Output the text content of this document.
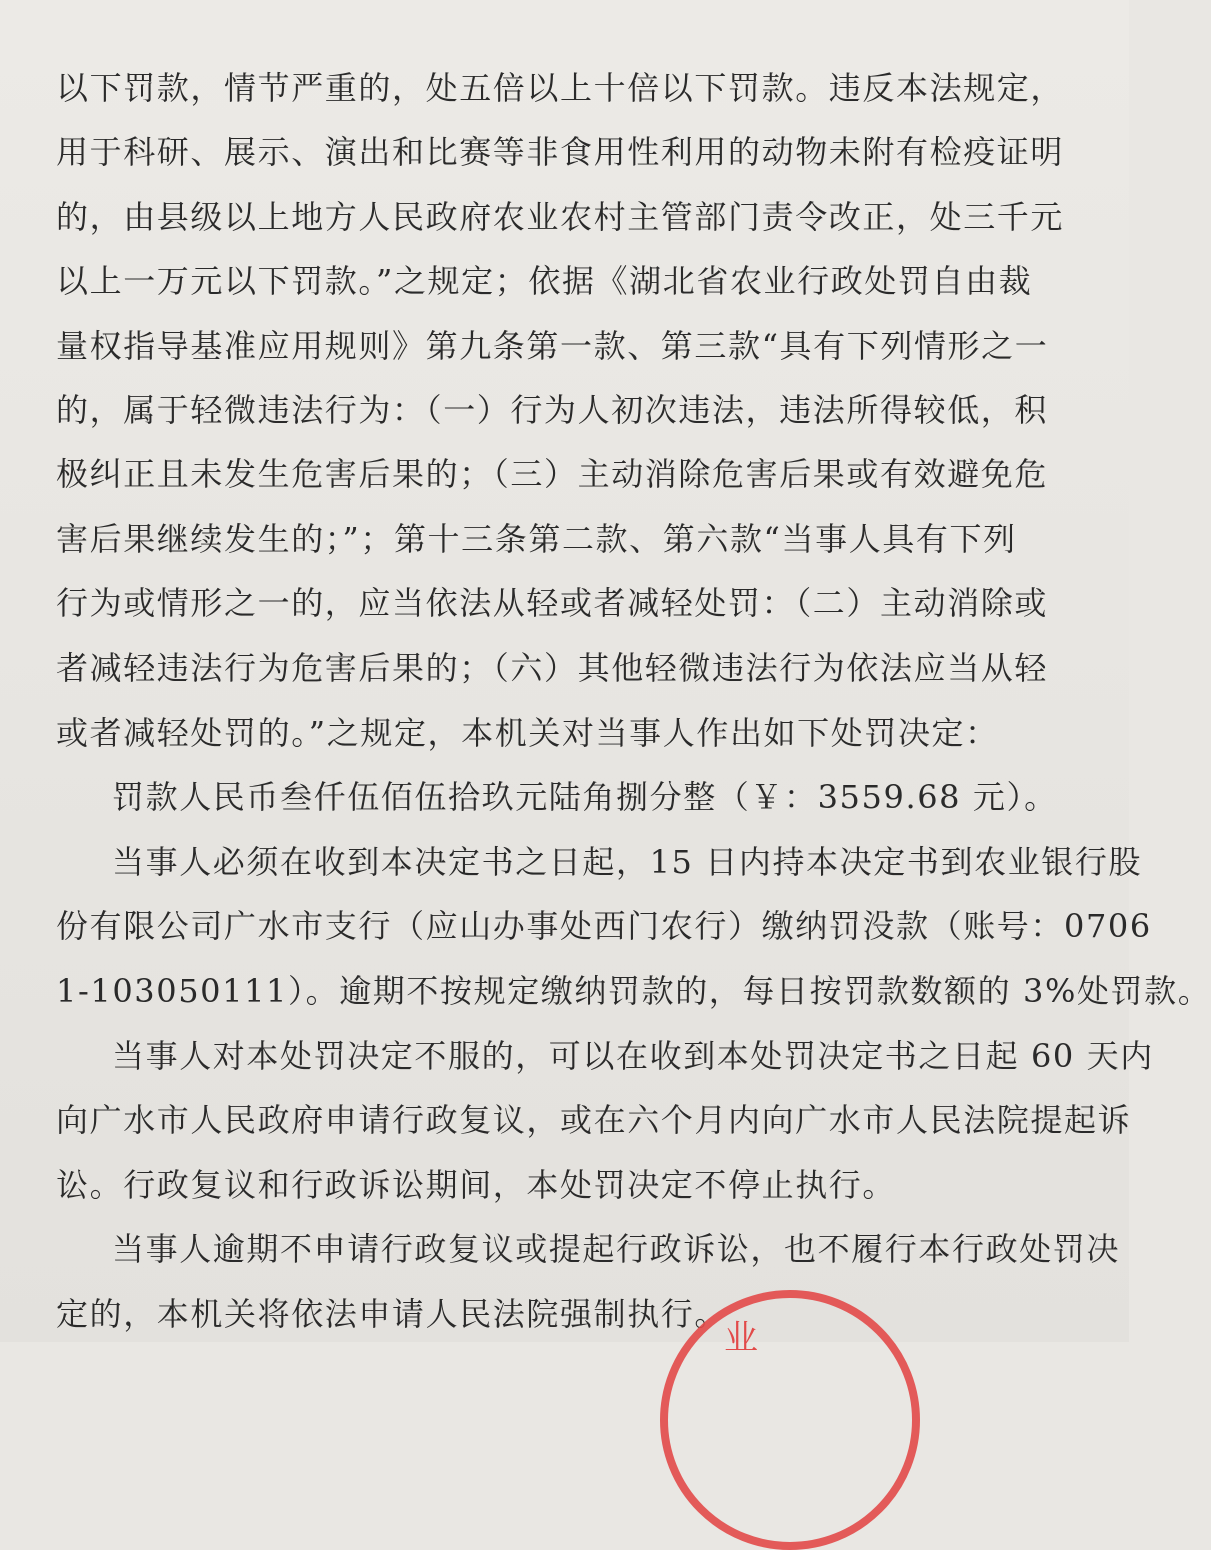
以下罚款，情节严重的，处五倍以上十倍以下罚款。违反本法规定，
用于科研、展示、演出和比赛等非食用性利用的动物未附有检疫证明
的，由县级以上地方人民政府农业农村主管部门责令改正，处三千元
以上一万元以下罚款。”之规定；依据《湖北省农业行政处罚自由裁
量权指导基准应用规则》第九条第一款、第三款“具有下列情形之一
的，属于轻微违法行为：（一）行为人初次违法，违法所得较低，积
极纠正且未发生危害后果的；（三）主动消除危害后果或有效避免危
害后果继续发生的；”；第十三条第二款、第六款“当事人具有下列
行为或情形之一的，应当依法从轻或者减轻处罚：（二）主动消除或
者减轻违法行为危害后果的；（六）其他轻微违法行为依法应当从轻
或者减轻处罚的。”之规定，本机关对当事人作出如下处罚决定：
罚款人民币叁仟伍佰伍拾玖元陆角捌分整（￥：3559.68 元）。
当事人必须在收到本决定书之日起，15 日内持本决定书到农业银行股
份有限公司广水市支行（应山办事处西门农行）缴纳罚没款（账号：0706
1-103050111）。逾期不按规定缴纳罚款的，每日按罚款数额的 3%处罚款。
当事人对本处罚决定不服的，可以在收到本处罚决定书之日起 60 天内
向广水市人民政府申请行政复议，或在六个月内向广水市人民法院提起诉
讼。行政复议和行政诉讼期间，本处罚决定不停止执行。
当事人逾期不申请行政复议或提起行政诉讼，也不履行本行政处罚决
定的，本机关将依法申请人民法院强制执行。
业
